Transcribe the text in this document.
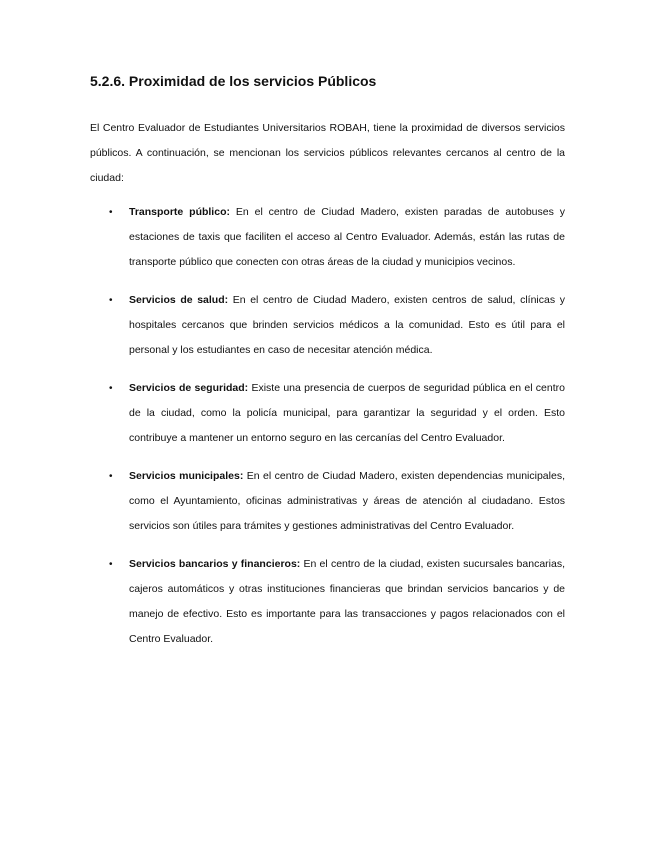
5.2.6. Proximidad de los servicios Públicos

El Centro Evaluador de Estudiantes Universitarios ROBAH, tiene la proximidad de diversos servicios públicos. A continuación, se mencionan los servicios públicos relevantes cercanos al centro de la ciudad:

• Transporte público: En el centro de Ciudad Madero, existen paradas de autobuses y estaciones de taxis que faciliten el acceso al Centro Evaluador. Además, están las rutas de transporte público que conecten con otras áreas de la ciudad y municipios vecinos.
• Servicios de salud: En el centro de Ciudad Madero, existen centros de salud, clínicas y hospitales cercanos que brinden servicios médicos a la comunidad. Esto es útil para el personal y los estudiantes en caso de necesitar atención médica.
• Servicios de seguridad: Existe una presencia de cuerpos de seguridad pública en el centro de la ciudad, como la policía municipal, para garantizar la seguridad y el orden. Esto contribuye a mantener un entorno seguro en las cercanías del Centro Evaluador.
• Servicios municipales: En el centro de Ciudad Madero, existen dependencias municipales, como el Ayuntamiento, oficinas administrativas y áreas de atención al ciudadano. Estos servicios son útiles para trámites y gestiones administrativas del Centro Evaluador.
• Servicios bancarios y financieros: En el centro de la ciudad, existen sucursales bancarias, cajeros automáticos y otras instituciones financieras que brindan servicios bancarios y de manejo de efectivo. Esto es importante para las transacciones y pagos relacionados con el Centro Evaluador.
